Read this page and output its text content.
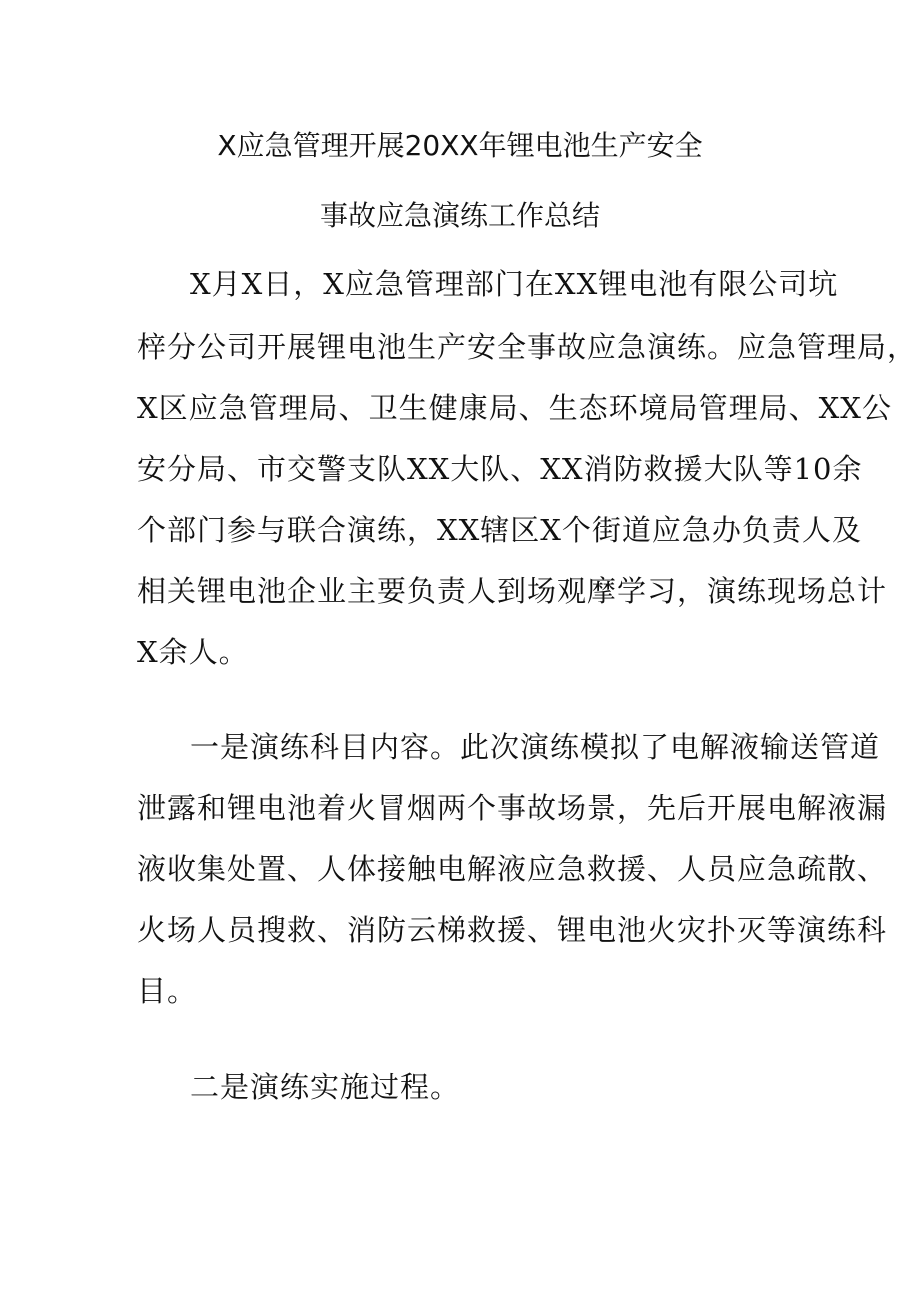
X应急管理开展20XX年锂电池生产安全
事故应急演练工作总结
X月X日，X应急管理部门在XX锂电池有限公司坑
梓分公司开展锂电池生产安全事故应急演练。应急管理局，
X区应急管理局、卫生健康局、生态环境局管理局、XX公
安分局、市交警支队XX大队、XX消防救援大队等10余
个部门参与联合演练，XX辖区X个街道应急办负责人及
相关锂电池企业主要负责人到场观摩学习，演练现场总计
X余人。
一是演练科目内容。此次演练模拟了电解液输送管道
泄露和锂电池着火冒烟两个事故场景，先后开展电解液漏
液收集处置、人体接触电解液应急救援、人员应急疏散、
火场人员搜救、消防云梯救援、锂电池火灾扑灭等演练科
目。
二是演练实施过程。
